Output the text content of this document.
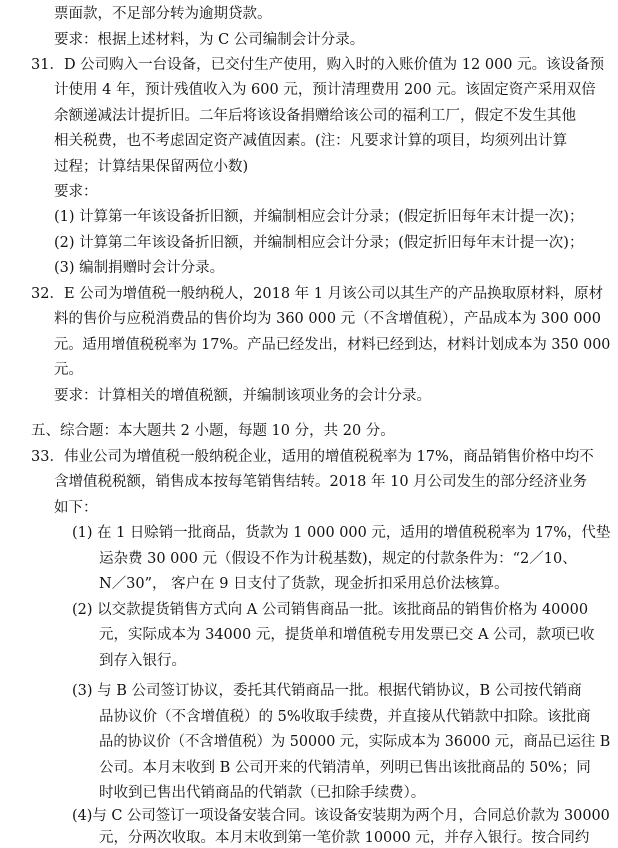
票面款，不足部分转为逾期贷款。
要求：根据上述材料，为 C 公司编制会计分录。
31．D 公司购入一台设备，已交付生产使用，购入时的入账价值为 12 000 元。该设备预
计使用 4 年，预计残值收入为 600 元，预计清理费用 200 元。该固定资产采用双倍
余额递减法计提折旧。二年后将该设备捐赠给该公司的福利工厂，假定不发生其他
相关税费，也不考虑固定资产减值因素。(注：凡要求计算的项目，均须列出计算
过程；计算结果保留两位小数)
要求：
(1) 计算第一年该设备折旧额，并编制相应会计分录；(假定折旧每年末计提一次)；
(2) 计算第二年该设备折旧额，并编制相应会计分录；(假定折旧每年末计提一次)；
(3) 编制捐赠时会计分录。
32．E 公司为增值税一般纳税人，2018 年 1 月该公司以其生产的产品换取原材料，原材
料的售价与应税消费品的售价均为 360 000 元（不含增值税），产品成本为 300 000
元。适用增值税税率为 17%。产品已经发出，材料已经到达，材料计划成本为 350 000
元。
要求：计算相关的增值税额，并编制该项业务的会计分录。
五、综合题：本大题共 2 小题，每题 10 分，共 20 分。
33．伟业公司为增值税一般纳税企业，适用的增值税税率为 17%，商品销售价格中均不
含增值税税额，销售成本按每笔销售结转。2018 年 10 月公司发生的部分经济业务
如下：
(1) 在 1 日赊销一批商品，货款为 1 000 000 元，适用的增值税税率为 17%，代垫
运杂费 30 000 元（假设不作为计税基数)，规定的付款条件为：“2／10、
N／30”， 客户在 9 日支付了货款，现金折扣采用总价法核算。
(2) 以交款提货销售方式向 A 公司销售商品一批。该批商品的销售价格为 40000
元，实际成本为 34000 元，提货单和增值税专用发票已交 A 公司，款项已收
到存入银行。
(3) 与 B 公司签订协议，委托其代销商品一批。根据代销协议，B 公司按代销商
品协议价（不含增值税）的 5%收取手续费，并直接从代销款中扣除。该批商
品的协议价（不含增值税）为 50000 元，实际成本为 36000 元，商品已运往 B
公司。本月末收到 B 公司开来的代销清单，列明已售出该批商品的 50%；同
时收到已售出代销商品的代销款（已扣除手续费）。
(4)与 C 公司签订一项设备安装合同。该设备安装期为两个月，合同总价款为 30000
元，分两次收取。本月末收到第一笔价款 10000 元，并存入银行。按合同约
